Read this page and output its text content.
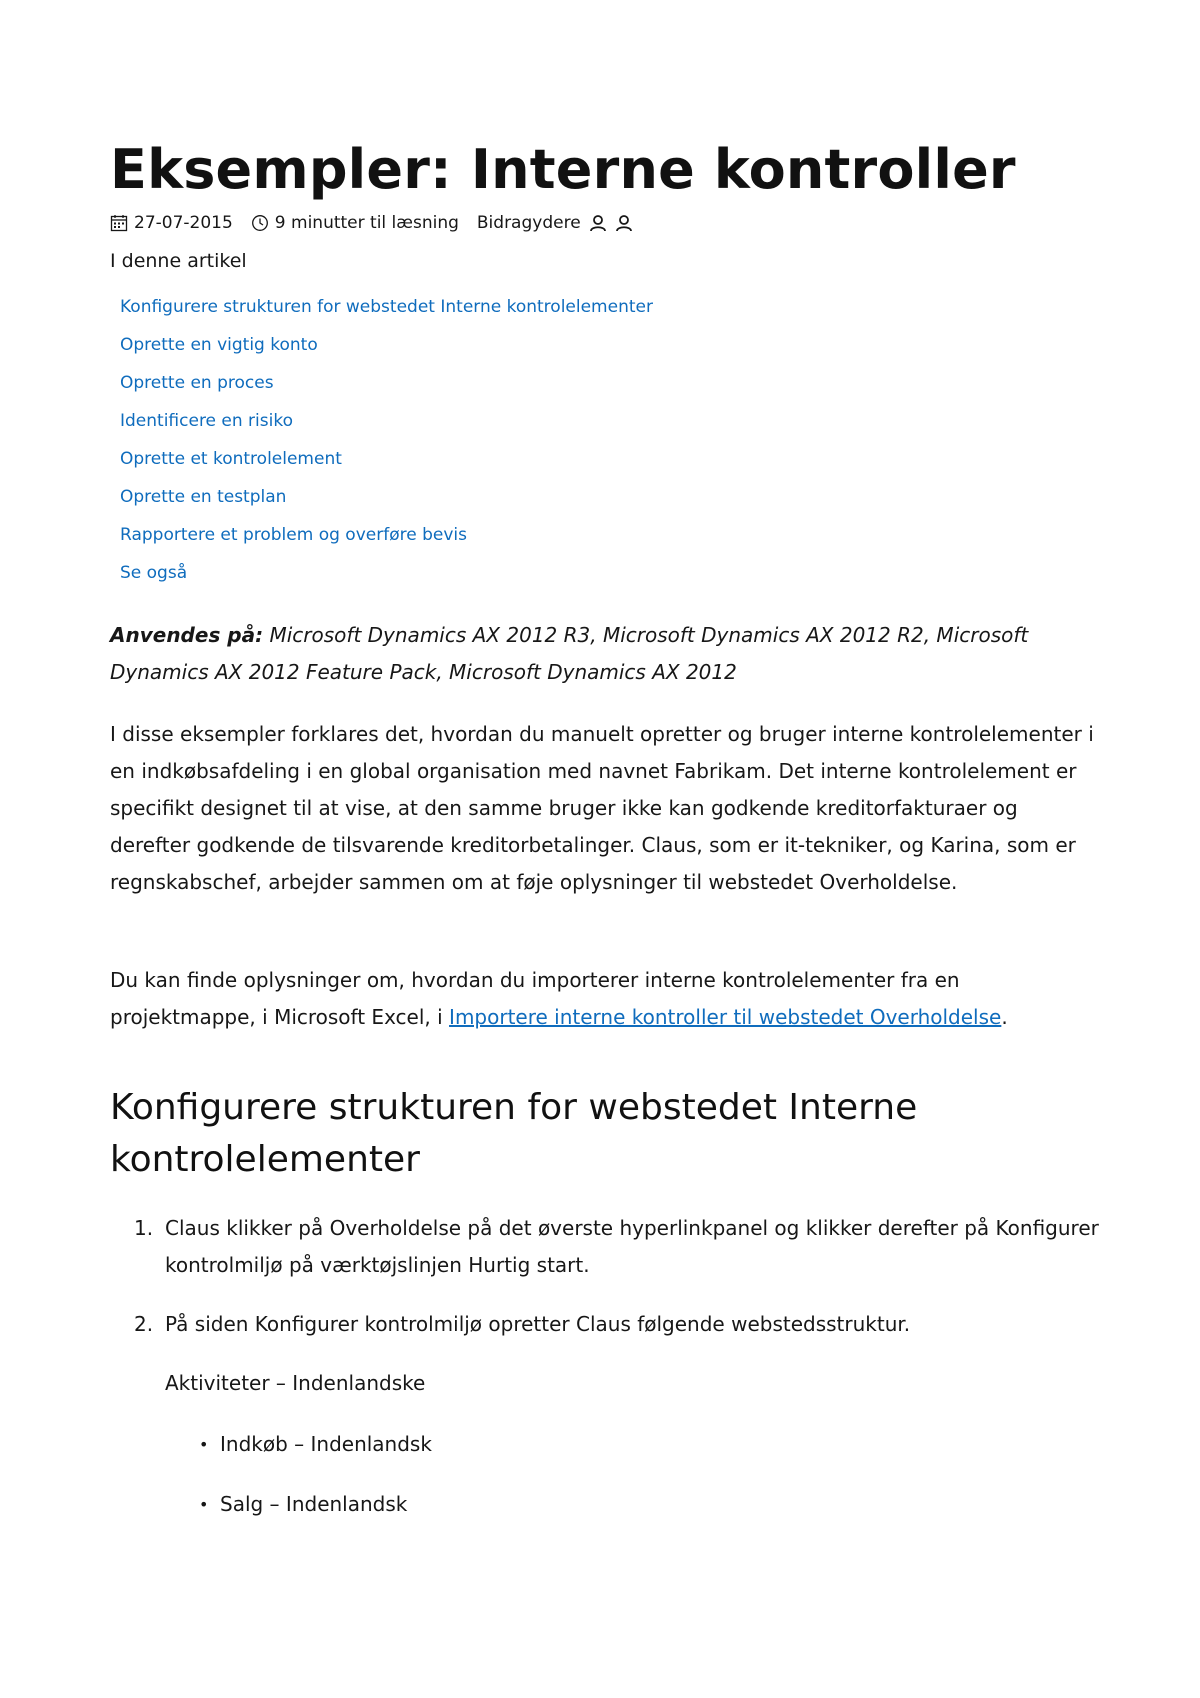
Eksempler: Interne kontroller
27-07-2015 9 minutter til læsning Bidragydere
I denne artikel
Konfigurere strukturen for webstedet Interne kontrolelementer
Oprette en vigtig konto
Oprette en proces
Identificere en risiko
Oprette et kontrolelement
Oprette en testplan
Rapportere et problem og overføre bevis
Se også

Anvendes på: Microsoft Dynamics AX 2012 R3, Microsoft Dynamics AX 2012 R2, Microsoft Dynamics AX 2012 Feature Pack, Microsoft Dynamics AX 2012

I disse eksempler forklares det, hvordan du manuelt opretter og bruger interne kontrolelementer i en indkøbsafdeling i en global organisation med navnet Fabrikam. Det interne kontrolelement er specifikt designet til at vise, at den samme bruger ikke kan godkende kreditorfakturaer og derefter godkende de tilsvarende kreditorbetalinger. Claus, som er it-tekniker, og Karina, som er regnskabschef, arbejder sammen om at føje oplysninger til webstedet Overholdelse.

Du kan finde oplysninger om, hvordan du importerer interne kontrolelementer fra en projektmappe, i Microsoft Excel, i Importere interne kontroller til webstedet Overholdelse.

Konfigurere strukturen for webstedet Interne kontrolelementer
1. Claus klikker på Overholdelse på det øverste hyperlinkpanel og klikker derefter på Konfigurer kontrolmiljø på værktøjslinjen Hurtig start.
2. På siden Konfigurer kontrolmiljø opretter Claus følgende webstedsstruktur.
Aktiviteter – Indenlandske
• Indkøb – Indenlandsk
• Salg – Indenlandsk
